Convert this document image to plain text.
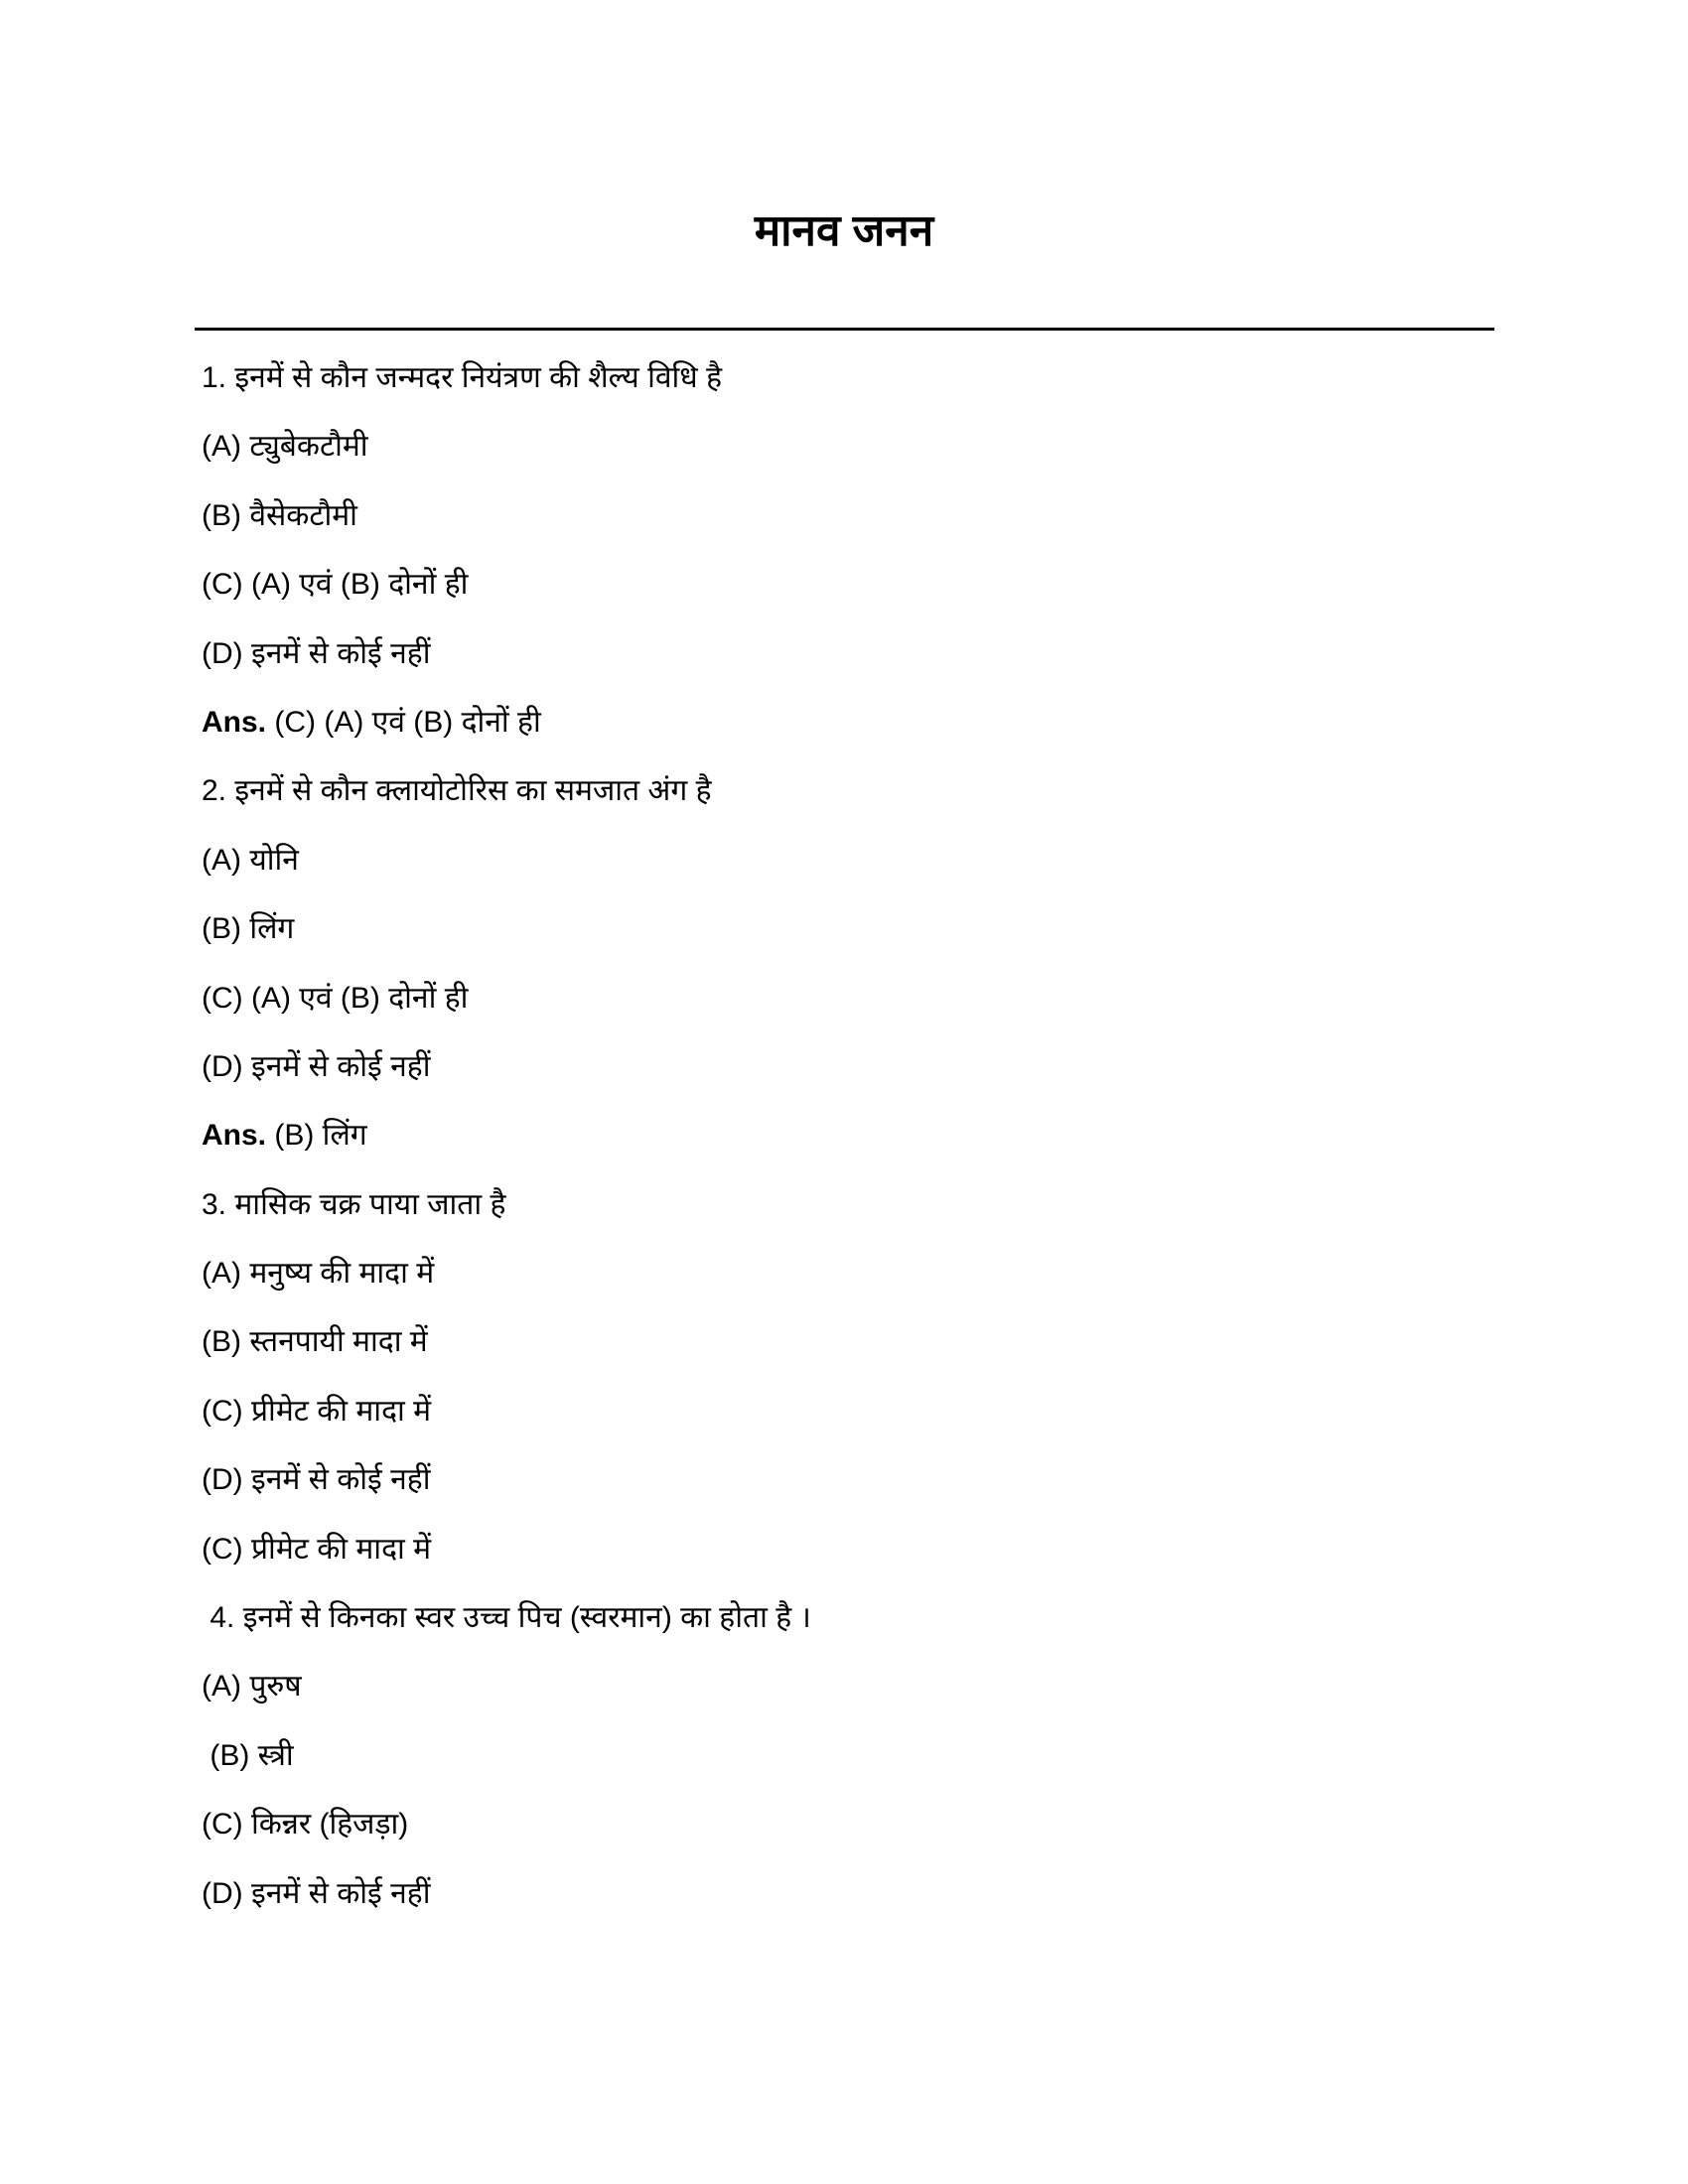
मानव जनन
1. इनमें से कौन जन्मदर नियंत्रण की शैल्य विधि है
(A) ट्युबेकटौमी
(B) वैसेकटौमी
(C) (A) एवं (B) दोनों ही
(D) इनमें से कोई नहीं
Ans. (C) (A) एवं (B) दोनों ही
2. इनमें से कौन क्लायोटोरिस का समजात अंग है
(A) योनि
(B) लिंग
(C) (A) एवं (B) दोनों ही
(D) इनमें से कोई नहीं
Ans. (B) लिंग
3. मासिक चक्र पाया जाता है
(A) मनुष्य की मादा में
(B) स्तनपायी मादा में
(C) प्रीमेट की मादा में
(D) इनमें से कोई नहीं
(C) प्रीमेट की मादा में
4. इनमें से किनका स्वर उच्च पिच (स्वरमान) का होता है ।
(A) पुरुष
(B) स्त्री
(C) किन्नर (हिजड़ा)
(D) इनमें से कोई नहीं
